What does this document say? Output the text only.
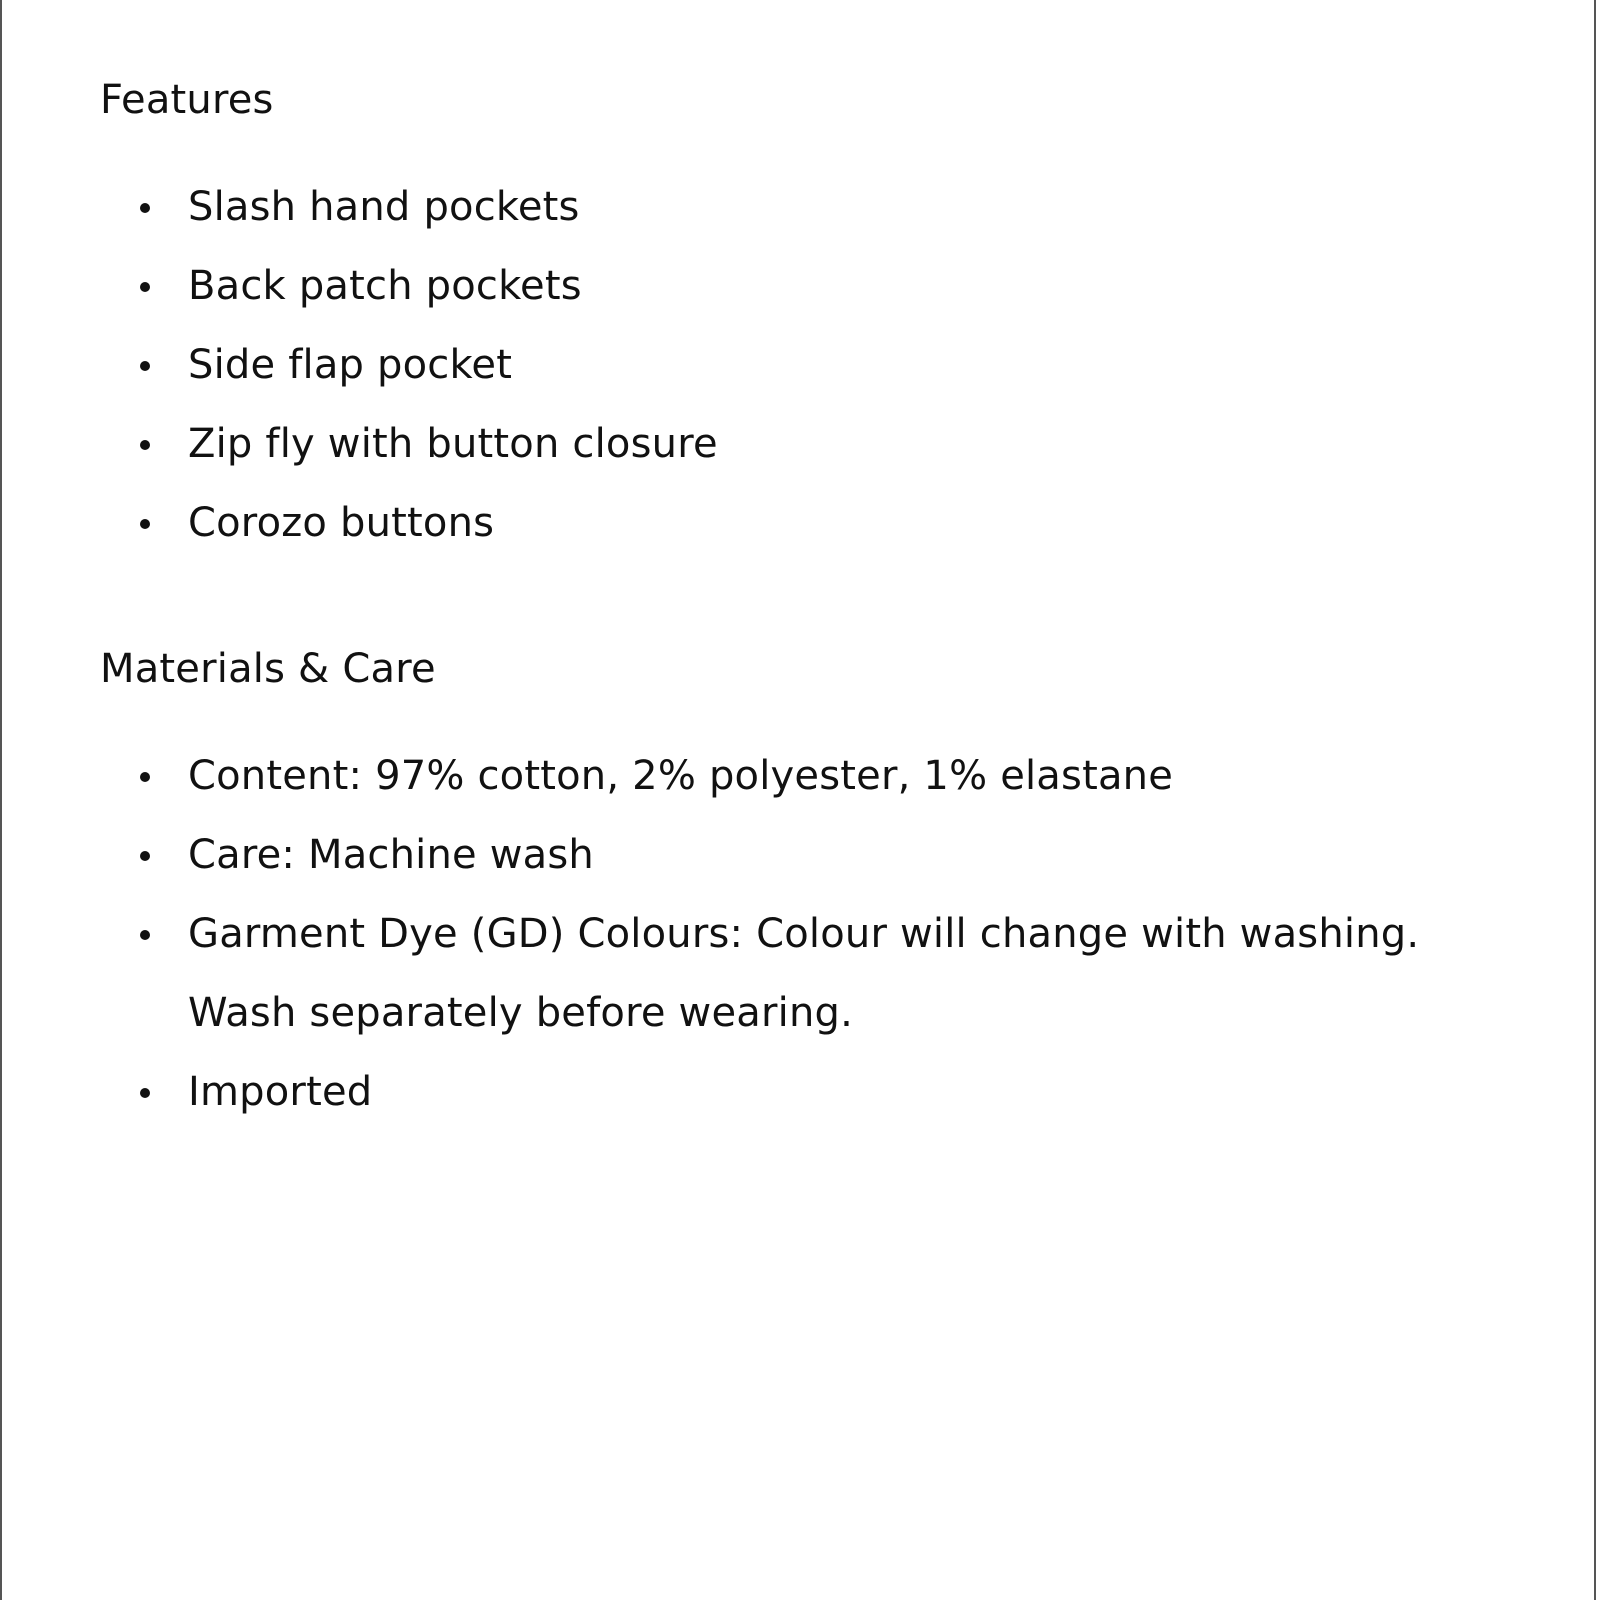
Features
Slash hand pockets
Back patch pockets
Side flap pocket
Zip fly with button closure
Corozo buttons
Materials & Care
Content: 97% cotton, 2% polyester, 1% elastane
Care: Machine wash
Garment Dye (GD) Colours: Colour will change with washing. Wash separately before wearing.
Imported
